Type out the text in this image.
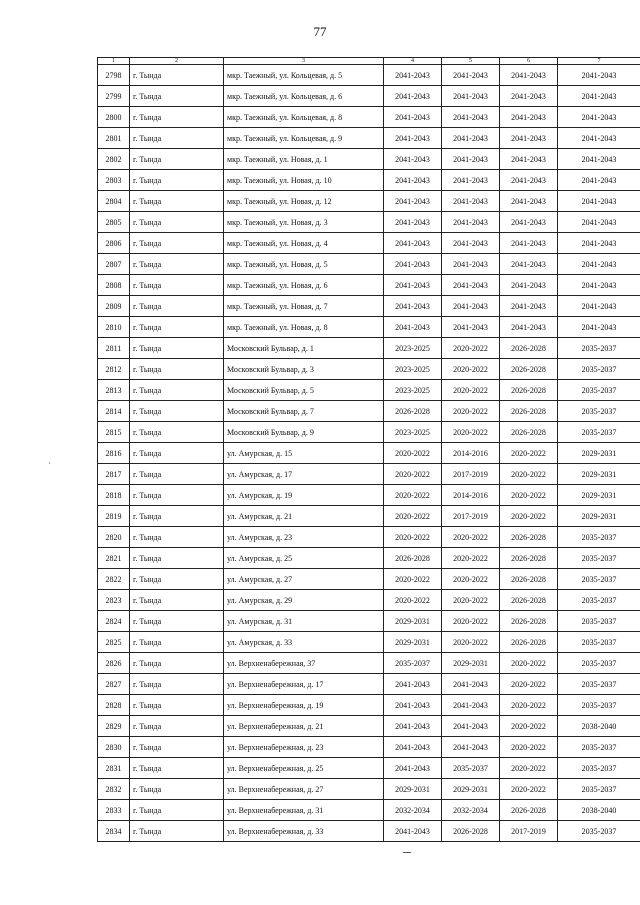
77
`
1	2	3	4	5	6	7
2798	г. Тында	мкр. Таежный, ул. Кольцевая, д. 5	2041-2043	2041-2043	2041-2043	2041-2043
2799	г. Тында	мкр. Таежный, ул. Кольцевая, д. 6	2041-2043	2041-2043	2041-2043	2041-2043
2800	г. Тында	мкр. Таежный, ул. Кольцевая, д. 8	2041-2043	2041-2043	2041-2043	2041-2043
2801	г. Тында	мкр. Таежный, ул. Кольцевая, д. 9	2041-2043	2041-2043	2041-2043	2041-2043
2802	г. Тында	мкр. Таежный, ул. Новая, д. 1	2041-2043	2041-2043	2041-2043	2041-2043
2803	г. Тында	мкр. Таежный, ул. Новая, д. 10	2041-2043	2041-2043	2041-2043	2041-2043
2804	г. Тында	мкр. Таежный, ул. Новая, д. 12	2041-2043	2041-2043	2041-2043	2041-2043
2805	г. Тында	мкр. Таежный, ул. Новая, д. 3	2041-2043	2041-2043	2041-2043	2041-2043
2806	г. Тында	мкр. Таежный, ул. Новая, д. 4	2041-2043	2041-2043	2041-2043	2041-2043
2807	г. Тында	мкр. Таежный, ул. Новая, д. 5	2041-2043	2041-2043	2041-2043	2041-2043
2808	г. Тында	мкр. Таежный, ул. Новая, д. 6	2041-2043	2041-2043	2041-2043	2041-2043
2809	г. Тында	мкр. Таежный, ул. Новая, д. 7	2041-2043	2041-2043	2041-2043	2041-2043
2810	г. Тында	мкр. Таежный, ул. Новая, д. 8	2041-2043	2041-2043	2041-2043	2041-2043
2811	г. Тында	Московский Бульвар, д. 1	2023-2025	2020-2022	2026-2028	2035-2037
2812	г. Тында	Московский Бульвар, д. 3	2023-2025	2020-2022	2026-2028	2035-2037
2813	г. Тында	Московский Бульвар, д. 5	2023-2025	2020-2022	2026-2028	2035-2037
2814	г. Тында	Московский Бульвар, д. 7	2026-2028	2020-2022	2026-2028	2035-2037
2815	г. Тында	Московский Бульвар, д. 9	2023-2025	2020-2022	2026-2028	2035-2037
2816	г. Тында	ул. Амурская, д. 15	2020-2022	2014-2016	2020-2022	2029-2031
2817	г. Тында	ул. Амурская, д. 17	2020-2022	2017-2019	2020-2022	2029-2031
2818	г. Тында	ул. Амурская, д. 19	2020-2022	2014-2016	2020-2022	2029-2031
2819	г. Тында	ул. Амурская, д. 21	2020-2022	2017-2019	2020-2022	2029-2031
2820	г. Тында	ул. Амурская, д. 23	2020-2022	2020-2022	2026-2028	2035-2037
2821	г. Тында	ул. Амурская, д. 25	2026-2028	2020-2022	2026-2028	2035-2037
2822	г. Тында	ул. Амурская, д. 27	2020-2022	2020-2022	2026-2028	2035-2037
2823	г. Тында	ул. Амурская, д. 29	2020-2022	2020-2022	2026-2028	2035-2037
2824	г. Тында	ул. Амурская, д. 31	2029-2031	2020-2022	2026-2028	2035-2037
2825	г. Тында	ул. Амурская, д. 33	2029-2031	2020-2022	2026-2028	2035-2037
2826	г. Тында	ул. Верхненабережная, 37	2035-2037	2029-2031	2020-2022	2035-2037
2827	г. Тында	ул. Верхненабережная, д. 17	2041-2043	2041-2043	2020-2022	2035-2037
2828	г. Тында	ул. Верхненабережная, д. 19	2041-2043	2041-2043	2020-2022	2035-2037
2829	г. Тында	ул. Верхненабережная, д. 21	2041-2043	2041-2043	2020-2022	2038-2040
2830	г. Тында	ул. Верхненабережная, д. 23	2041-2043	2041-2043	2020-2022	2035-2037
2831	г. Тында	ул. Верхненабережная, д. 25	2041-2043	2035-2037	2020-2022	2035-2037
2832	г. Тында	ул. Верхненабережная, д. 27	2029-2031	2029-2031	2020-2022	2035-2037
2833	г. Тында	ул. Верхненабережная, д. 31	2032-2034	2032-2034	2026-2028	2038-2040
2834	г. Тында	ул. Верхненабережная, д. 33	2041-2043	2026-2028	2017-2019	2035-2037
